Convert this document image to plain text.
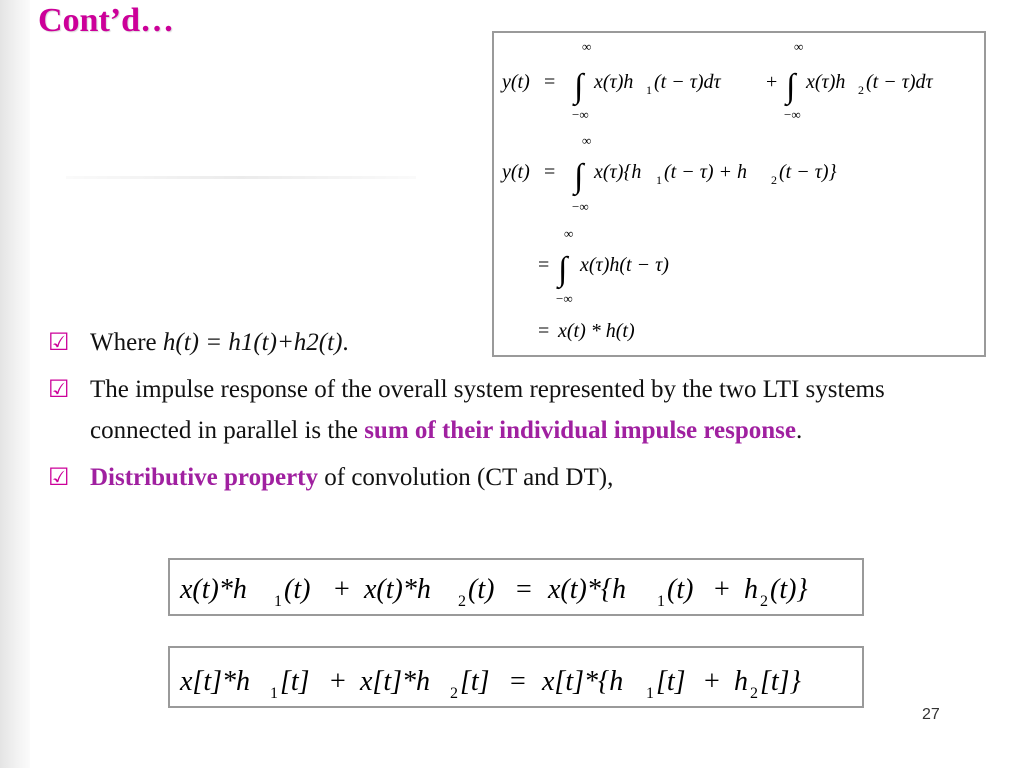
Cont’d…
y(t) =
∞
∫
−∞
x(τ)h 1 (t − τ)dτ +
∞
∫
−∞
x(τ)h 2 (t − τ)dτ
y(t) =
∞
∫
−∞
x(τ){h 1 (t − τ) + h 2 (t − τ)}
=
∞
∫
−∞
x(τ)h(t − τ)
= x(t) * h(t)
☑ Where h(t) = h1(t)+h2(t).
☑ The impulse response of the overall system represented by the two LTI systems connected in parallel is the sum of their individual impulse response.
☑ Distributive property of convolution (CT and DT),
x(t)*h 1 (t) + x(t)*h 2 (t) = x(t)*{h 1 (t) + h 2 (t)}
x[t]*h 1 [t] + x[t]*h 2 [t] = x[t]*{h 1 [t] + h 2 [t]}
27
